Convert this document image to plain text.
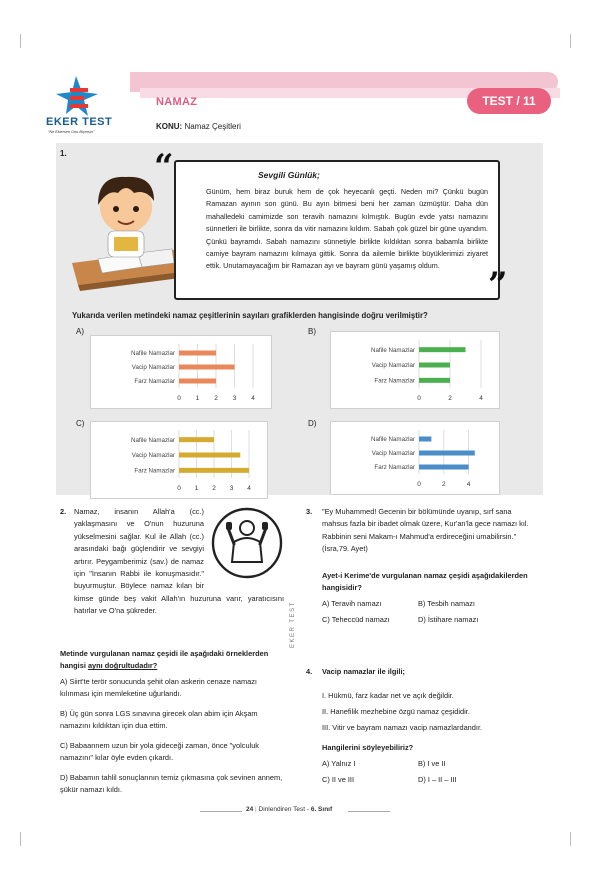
EKER TEST
"Ne Eklersen Onu Biçersin"
NAMAZ	TEST / 11
KONU: Namaz Çeşitleri
1.	“
”
Sevgili Günlük;
Günüm, hem biraz buruk hem de çok heyecanlı geçti. Neden mi? Çünkü bugün Ramazan ayının son günü. Bu ayın bitmesi beni her zaman üzmüştür. Daha dün mahalledeki camimizde son teravih namazını kılmıştık. Bugün evde yatsı namazını sünnetleri ile birlikte, sonra da vitir namazını kıldım. Sabah çok güzel bir güne uyandım. Çünkü bayramdı. Sabah namazını sünnetiyle birlikte kıldıktan sonra babamla birlikte camiye bayram namazını kılmaya gittik. Sonra da ailemle birlikte büyüklerimizi ziyaret ettik. Unutamayacağım bir Ramazan ayı ve bayram günü yaşamış oldum.
Yukarıda verilen metindeki namaz çeşitlerinin sayıları grafiklerden hangisinde doğru verilmiştir?
A)	B)
C)	D)
0 1 2 3 4
Nafile Namazlar
Vacip Namazlar
Farz Namazlar
0	2	4
Nafile Namazlar
Vacip Namazlar
Farz Namazlar
0 1 2 3 4
Nafile Namazlar
Vacip Namazlar
Farz Namazlar
0	2	4
Nafile Namazlar
Vacip Namazlar
Farz Namazlar
2. Namaz, insanın Allah'a (cc.) yaklaşmasını ve O'nun huzuruna yükselmesini sağlar. Kul ile Allah (cc.) arasındaki bağı güçlendirir ve sevgiyi artırır. Peygamberimiz (sav.) de namaz için "İnsanın Rabbi ile konuşmasıdır." buyurmuştur. Böylece namaz kılan bir kimse günde beş vakit Allah'ın huzuruna varır, yaratıcısını hatırlar ve O'na şükreder.
Metinde vurgulanan namaz çeşidi ile aşağıdaki örneklerden hangisi aynı doğrultudadır?
A) Siirt'te terör sonucunda şehit olan askerin cenaze namazı kılınması için memleketine uğurlandı.
B) Üç gün sonra LGS sınavına girecek olan abim için Akşam namazını kıldıktan için dua ettim.
C) Babaannem uzun bir yola gideceği zaman, önce "yolculuk namazını" kılar öyle evden çıkardı.
D) Babamın tahlil sonuçlarının temiz çıkmasına çok sevinen annem, şükür namazı kıldı.
EKER TEST
3. "Ey Muhammed! Gecenin bir bölümünde uyanıp, sırf sana mahsus fazla bir ibadet olmak üzere, Kur'an'la gece namazı kıl. Rabbinin seni Makam-ı Mahmud'a erdireceğini umabilirsin." (İsra,79. Ayet)
Ayet-i Kerime'de vurgulanan namaz çeşidi aşağıdakilerden hangisidir?
A) Teravih namazı	B) Tesbih namazı
C) Teheccüd namazı	D) İstihare namazı
4. Vacip namazlar ile ilgili;
I. Hükmü, farz kadar net ve açık değildir.
II. Hanefilik mezhebine özgü namaz çeşididir.
III. Vitir ve bayram namazı vacip namazlardandır.
Hangilerini söyleyebiliriz?
A) Yalnız I	B) I ve II
C) II ve III	D) I – II – III
24 | Dinlendiren Test - 6. Sınıf
